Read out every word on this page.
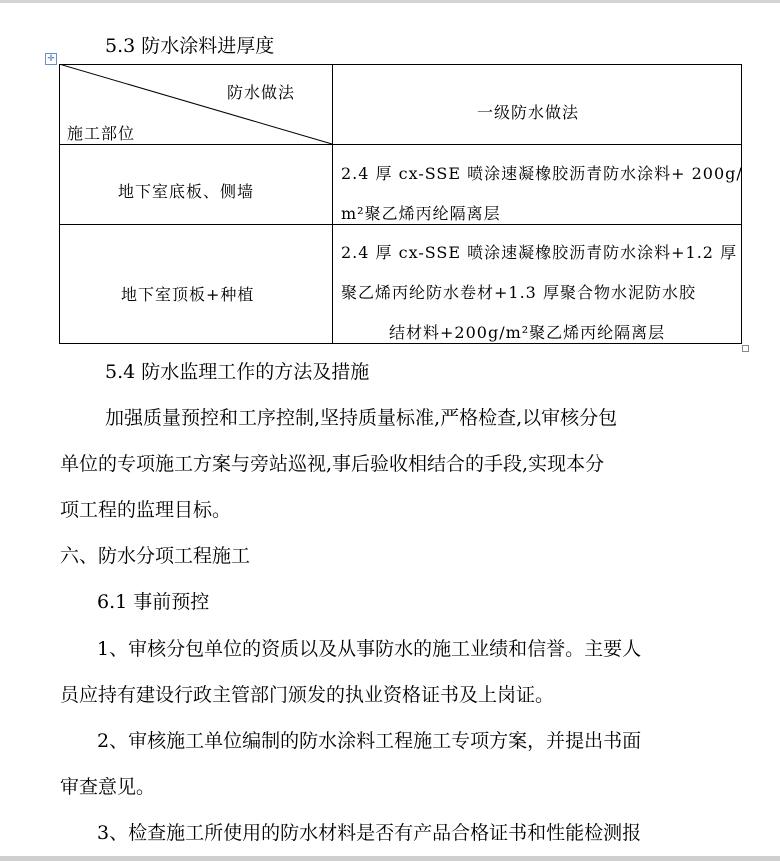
5.3 防水涂料进厚度
✛
防水做法
施工部位
一级防水做法
地下室底板、侧墙
2.4 厚 cx-SSE 喷涂速凝橡胶沥青防水涂料+ 200g/
m²聚乙烯丙纶隔离层
地下室顶板+种植
2.4 厚 cx-SSE 喷涂速凝橡胶沥青防水涂料+1.2 厚
聚乙烯丙纶防水卷材+1.3 厚聚合物水泥防水胶
结材料+200g/m²聚乙烯丙纶隔离层
5.4 防水监理工作的方法及措施
加强质量预控和工序控制,坚持质量标准,严格检查,以审核分包
单位的专项施工方案与旁站巡视,事后验收相结合的手段,实现本分
项工程的监理目标。
六、防水分项工程施工
6.1 事前预控
1、审核分包单位的资质以及从事防水的施工业绩和信誉。主要人
员应持有建设行政主管部门颁发的执业资格证书及上岗证。
2、审核施工单位编制的防水涂料工程施工专项方案，并提出书面
审查意见。
3、检查施工所使用的防水材料是否有产品合格证书和性能检测报
